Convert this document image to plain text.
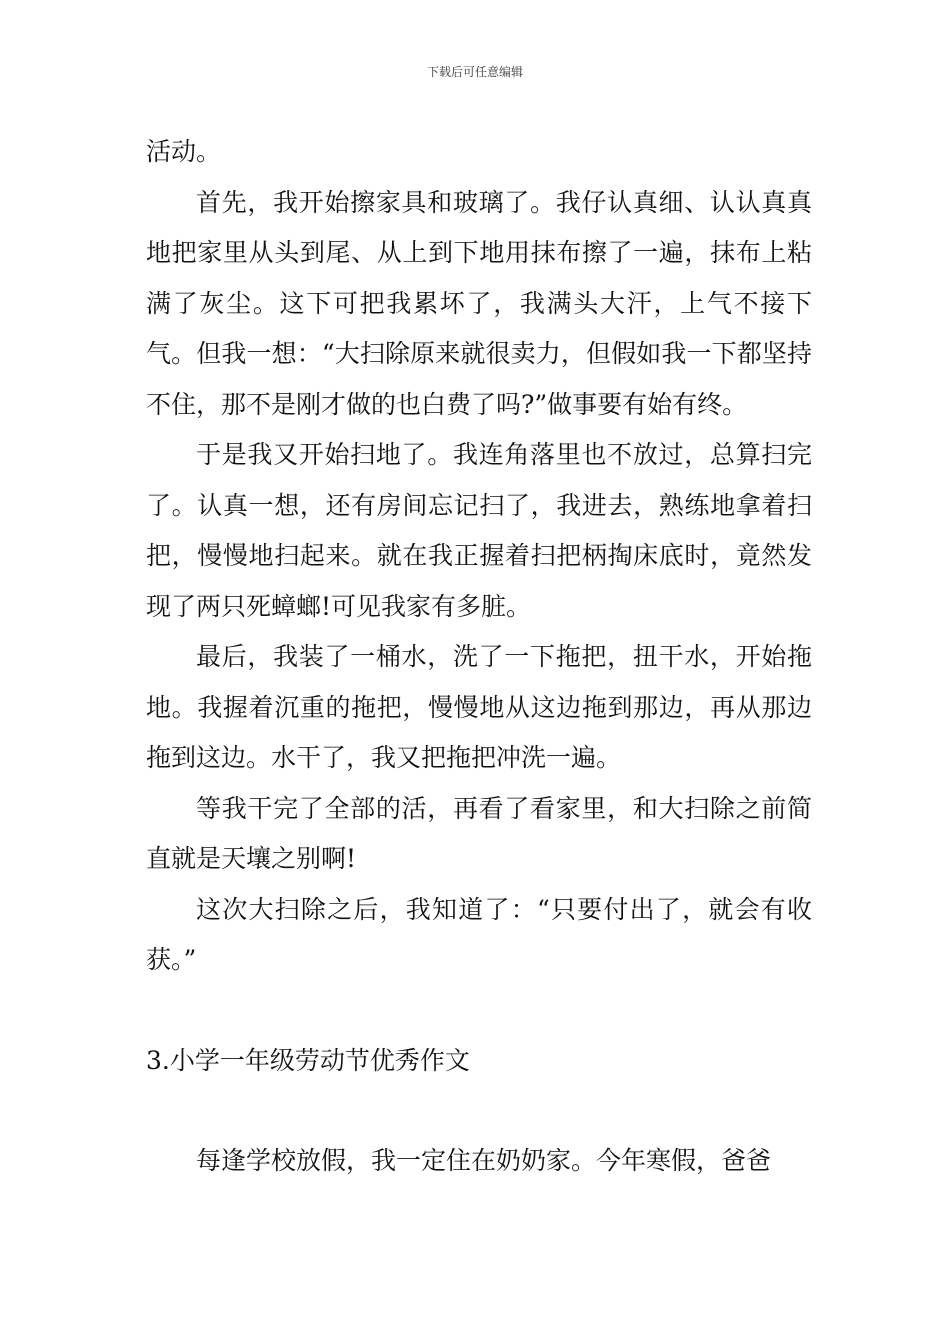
下载后可任意编辑

活动。

首先，我开始擦家具和玻璃了。我仔认真细、认认真真地把家里从头到尾、从上到下地用抹布擦了一遍，抹布上粘满了灰尘。这下可把我累坏了，我满头大汗，上气不接下气。但我一想：“大扫除原来就很卖力，但假如我一下都坚持不住，那不是刚才做的也白费了吗?”做事要有始有终。

于是我又开始扫地了。我连角落里也不放过，总算扫完了。认真一想，还有房间忘记扫了，我进去，熟练地拿着扫把，慢慢地扫起来。就在我正握着扫把柄掏床底时，竟然发现了两只死蟑螂!可见我家有多脏。

最后，我装了一桶水，洗了一下拖把，扭干水，开始拖地。我握着沉重的拖把，慢慢地从这边拖到那边，再从那边拖到这边。水干了，我又把拖把冲洗一遍。

等我干完了全部的活，再看了看家里，和大扫除之前简直就是天壤之别啊!

这次大扫除之后，我知道了：“只要付出了，就会有收获。”

3.小学一年级劳动节优秀作文

每逢学校放假，我一定住在奶奶家。今年寒假，爸爸
